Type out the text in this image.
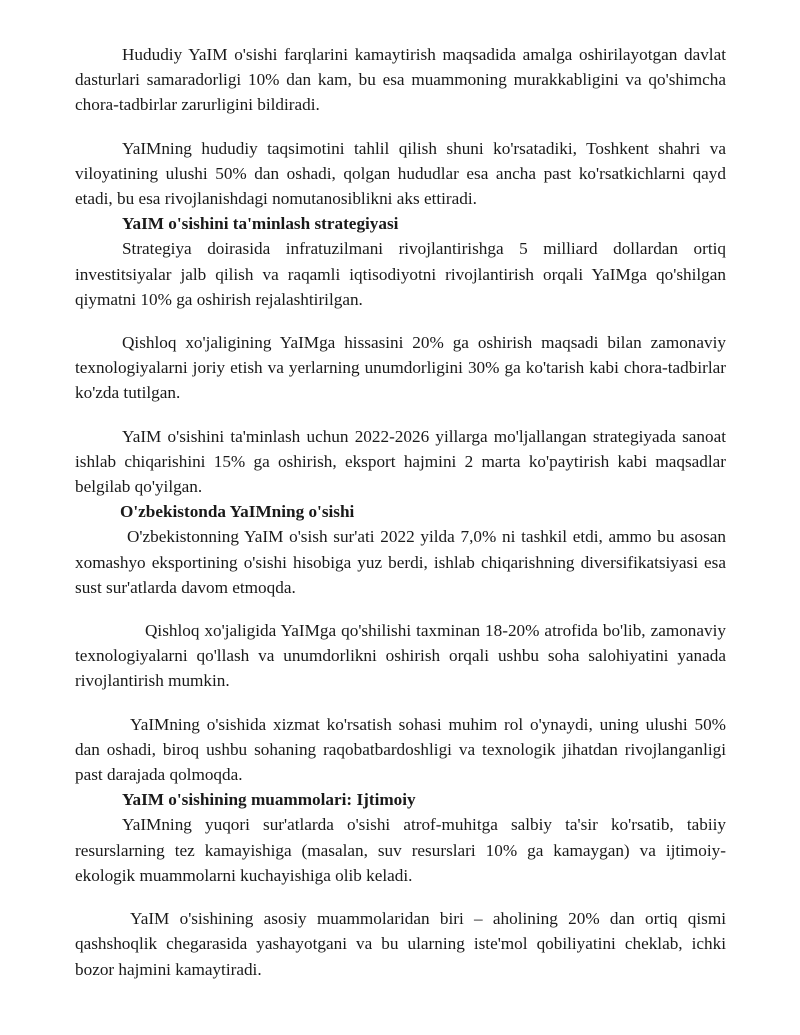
Hududiy YaIM o'sishi farqlarini kamaytirish maqsadida amalga oshirilayotgan davlat dasturlari samaradorligi 10% dan kam, bu esa muammoning murakkabligini va qo'shimcha chora-tadbirlar zarurligini bildiradi.

YaIMning hududiy taqsimotini tahlil qilish shuni ko'rsatadiki, Toshkent shahri va viloyatining ulushi 50% dan oshadi, qolgan hududlar esa ancha past ko'rsatkichlarni qayd etadi, bu esa rivojlanishdagi nomutanosiblikni aks ettiradi.

YaIM o'sishini ta'minlash strategiyasi

Strategiya doirasida infratuzilmani rivojlantirishga 5 milliard dollardan ortiq investitsiyalar jalb qilish va raqamli iqtisodiyotni rivojlantirish orqali YaIMga qo'shilgan qiymatni 10% ga oshirish rejalashtirilgan.

Qishloq xo'jaligining YaIMga hissasini 20% ga oshirish maqsadi bilan zamonaviy texnologiyalarni joriy etish va yerlarning unumdorligini 30% ga ko'tarish kabi chora-tadbirlar ko'zda tutilgan.

YaIM o'sishini ta'minlash uchun 2022-2026 yillarga mo'ljallangan strategiyada sanoat ishlab chiqarishini 15% ga oshirish, eksport hajmini 2 marta ko'paytirish kabi maqsadlar belgilab qo'yilgan.

O'zbekistonda YaIMning o'sishi

O'zbekistonning YaIM o'sish sur'ati 2022 yilda 7,0% ni tashkil etdi, ammo bu asosan xomashyo eksportining o'sishi hisobiga yuz berdi, ishlab chiqarishning diversifikatsiyasi esa sust sur'atlarda davom etmoqda.

Qishloq xo'jaligida YaIMga qo'shilishi taxminan 18-20% atrofida bo'lib, zamonaviy texnologiyalarni qo'llash va unumdorlikni oshirish orqali ushbu soha salohiyatini yanada rivojlantirish mumkin.

YaIMning o'sishida xizmat ko'rsatish sohasi muhim rol o'ynaydi, uning ulushi 50% dan oshadi, biroq ushbu sohaning raqobatbardoshligi va texnologik jihatdan rivojlanganligi past darajada qolmoqda.

YaIM o'sishining muammolari: Ijtimoiy

YaIMning yuqori sur'atlarda o'sishi atrof-muhitga salbiy ta'sir ko'rsatib, tabiiy resurslarning tez kamayishiga (masalan, suv resurslari 10% ga kamaygan) va ijtimoiy-ekologik muammolarni kuchayishiga olib keladi.

YaIM o'sishining asosiy muammolaridan biri – aholining 20% dan ortiq qismi qashshoqlik chegarasida yashayotgani va bu ularning iste'mol qobiliyatini cheklab, ichki bozor hajmini kamaytiradi.
